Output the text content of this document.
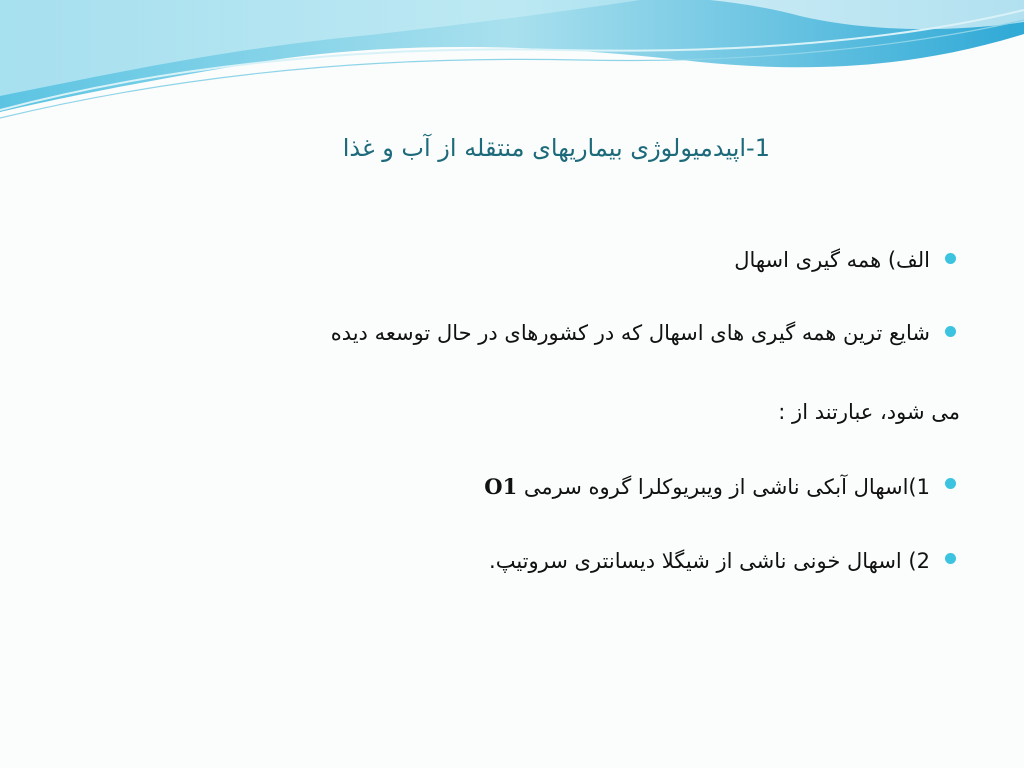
1-اپیدمیولوژی بیماریهای منتقله از آب و غذا
الف) همه گیری اسهال
شایع ترین همه گیری های اسهال که در کشورهای در حال توسعه دیده
می شود، عبارتند از :
1)اسهال آبکی ناشی از ویبریوکلرا گروه سرمی O1
2) اسهال خونی ناشی از شیگلا دیسانتری سروتیپ.
